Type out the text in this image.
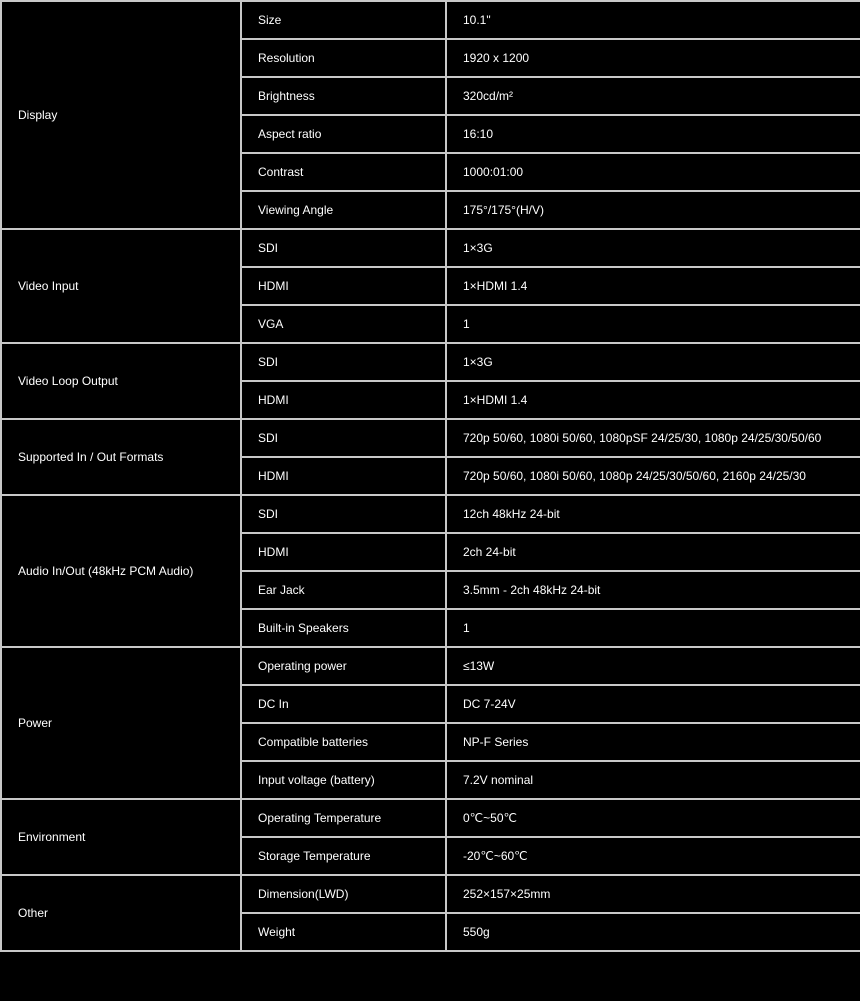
Display	Size	10.1"
	Resolution	1920 x 1200
	Brightness	320cd/m²
	Aspect ratio	16:10
	Contrast	1000:01:00
	Viewing Angle	175°/175°(H/V)
Video Input	SDI	1×3G
	HDMI	1×HDMI 1.4
	VGA	1
Video Loop Output	SDI	1×3G
	HDMI	1×HDMI 1.4
Supported In / Out Formats	SDI	720p 50/60, 1080i 50/60, 1080pSF 24/25/30, 1080p 24/25/30/50/60
	HDMI	720p 50/60, 1080i 50/60, 1080p 24/25/30/50/60, 2160p 24/25/30
Audio In/Out (48kHz PCM Audio)	SDI	12ch 48kHz 24-bit
	HDMI	2ch 24-bit
	Ear Jack	3.5mm - 2ch 48kHz 24-bit
	Built-in Speakers	1
Power	Operating power	≤13W
	DC In	DC 7-24V
	Compatible batteries	NP-F Series
	Input voltage (battery)	7.2V nominal
Environment	Operating Temperature	0℃~50℃
	Storage Temperature	-20℃~60℃
Other	Dimension(LWD)	252×157×25mm
	Weight	550g
